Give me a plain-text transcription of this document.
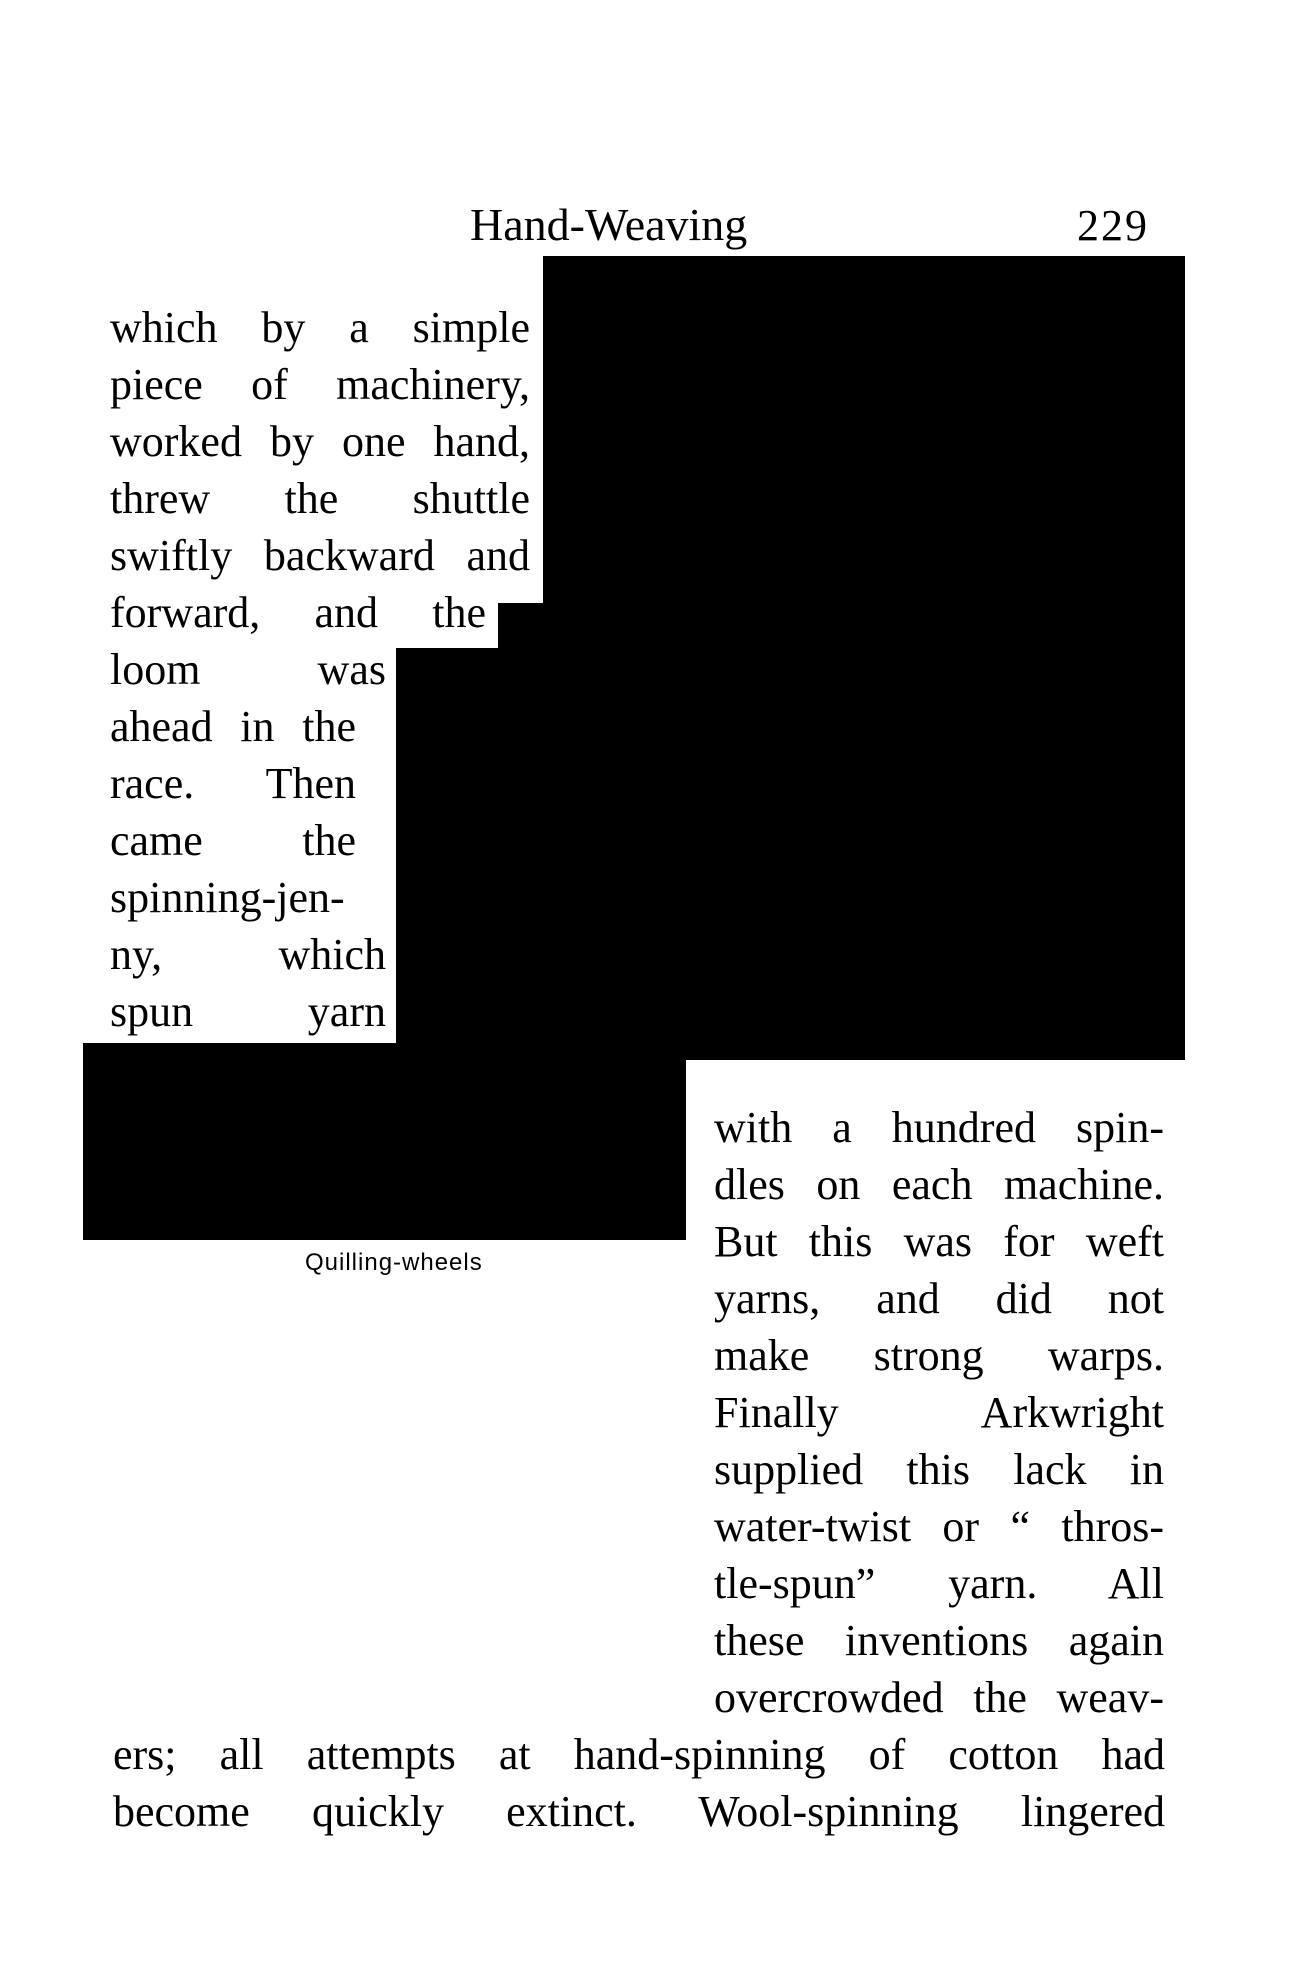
Hand-Weaving	229
Quilling-wheels
which by a simple
piece of machinery,
worked by one hand,
threw the shuttle
swiftly backward and
forward, and the
loom was
ahead in the
race. Then
came the
spinning-jen-
ny, which
spun yarn
with a hundred spin-
dles on each machine.
But this was for weft
yarns, and did not
make strong warps.
Finally Arkwright
supplied this lack in
water-twist or “ thros-
tle-spun” yarn. All
these inventions again
overcrowded the weav-
ers; all attempts at hand-spinning of cotton had
become quickly extinct. Wool-spinning lingered
